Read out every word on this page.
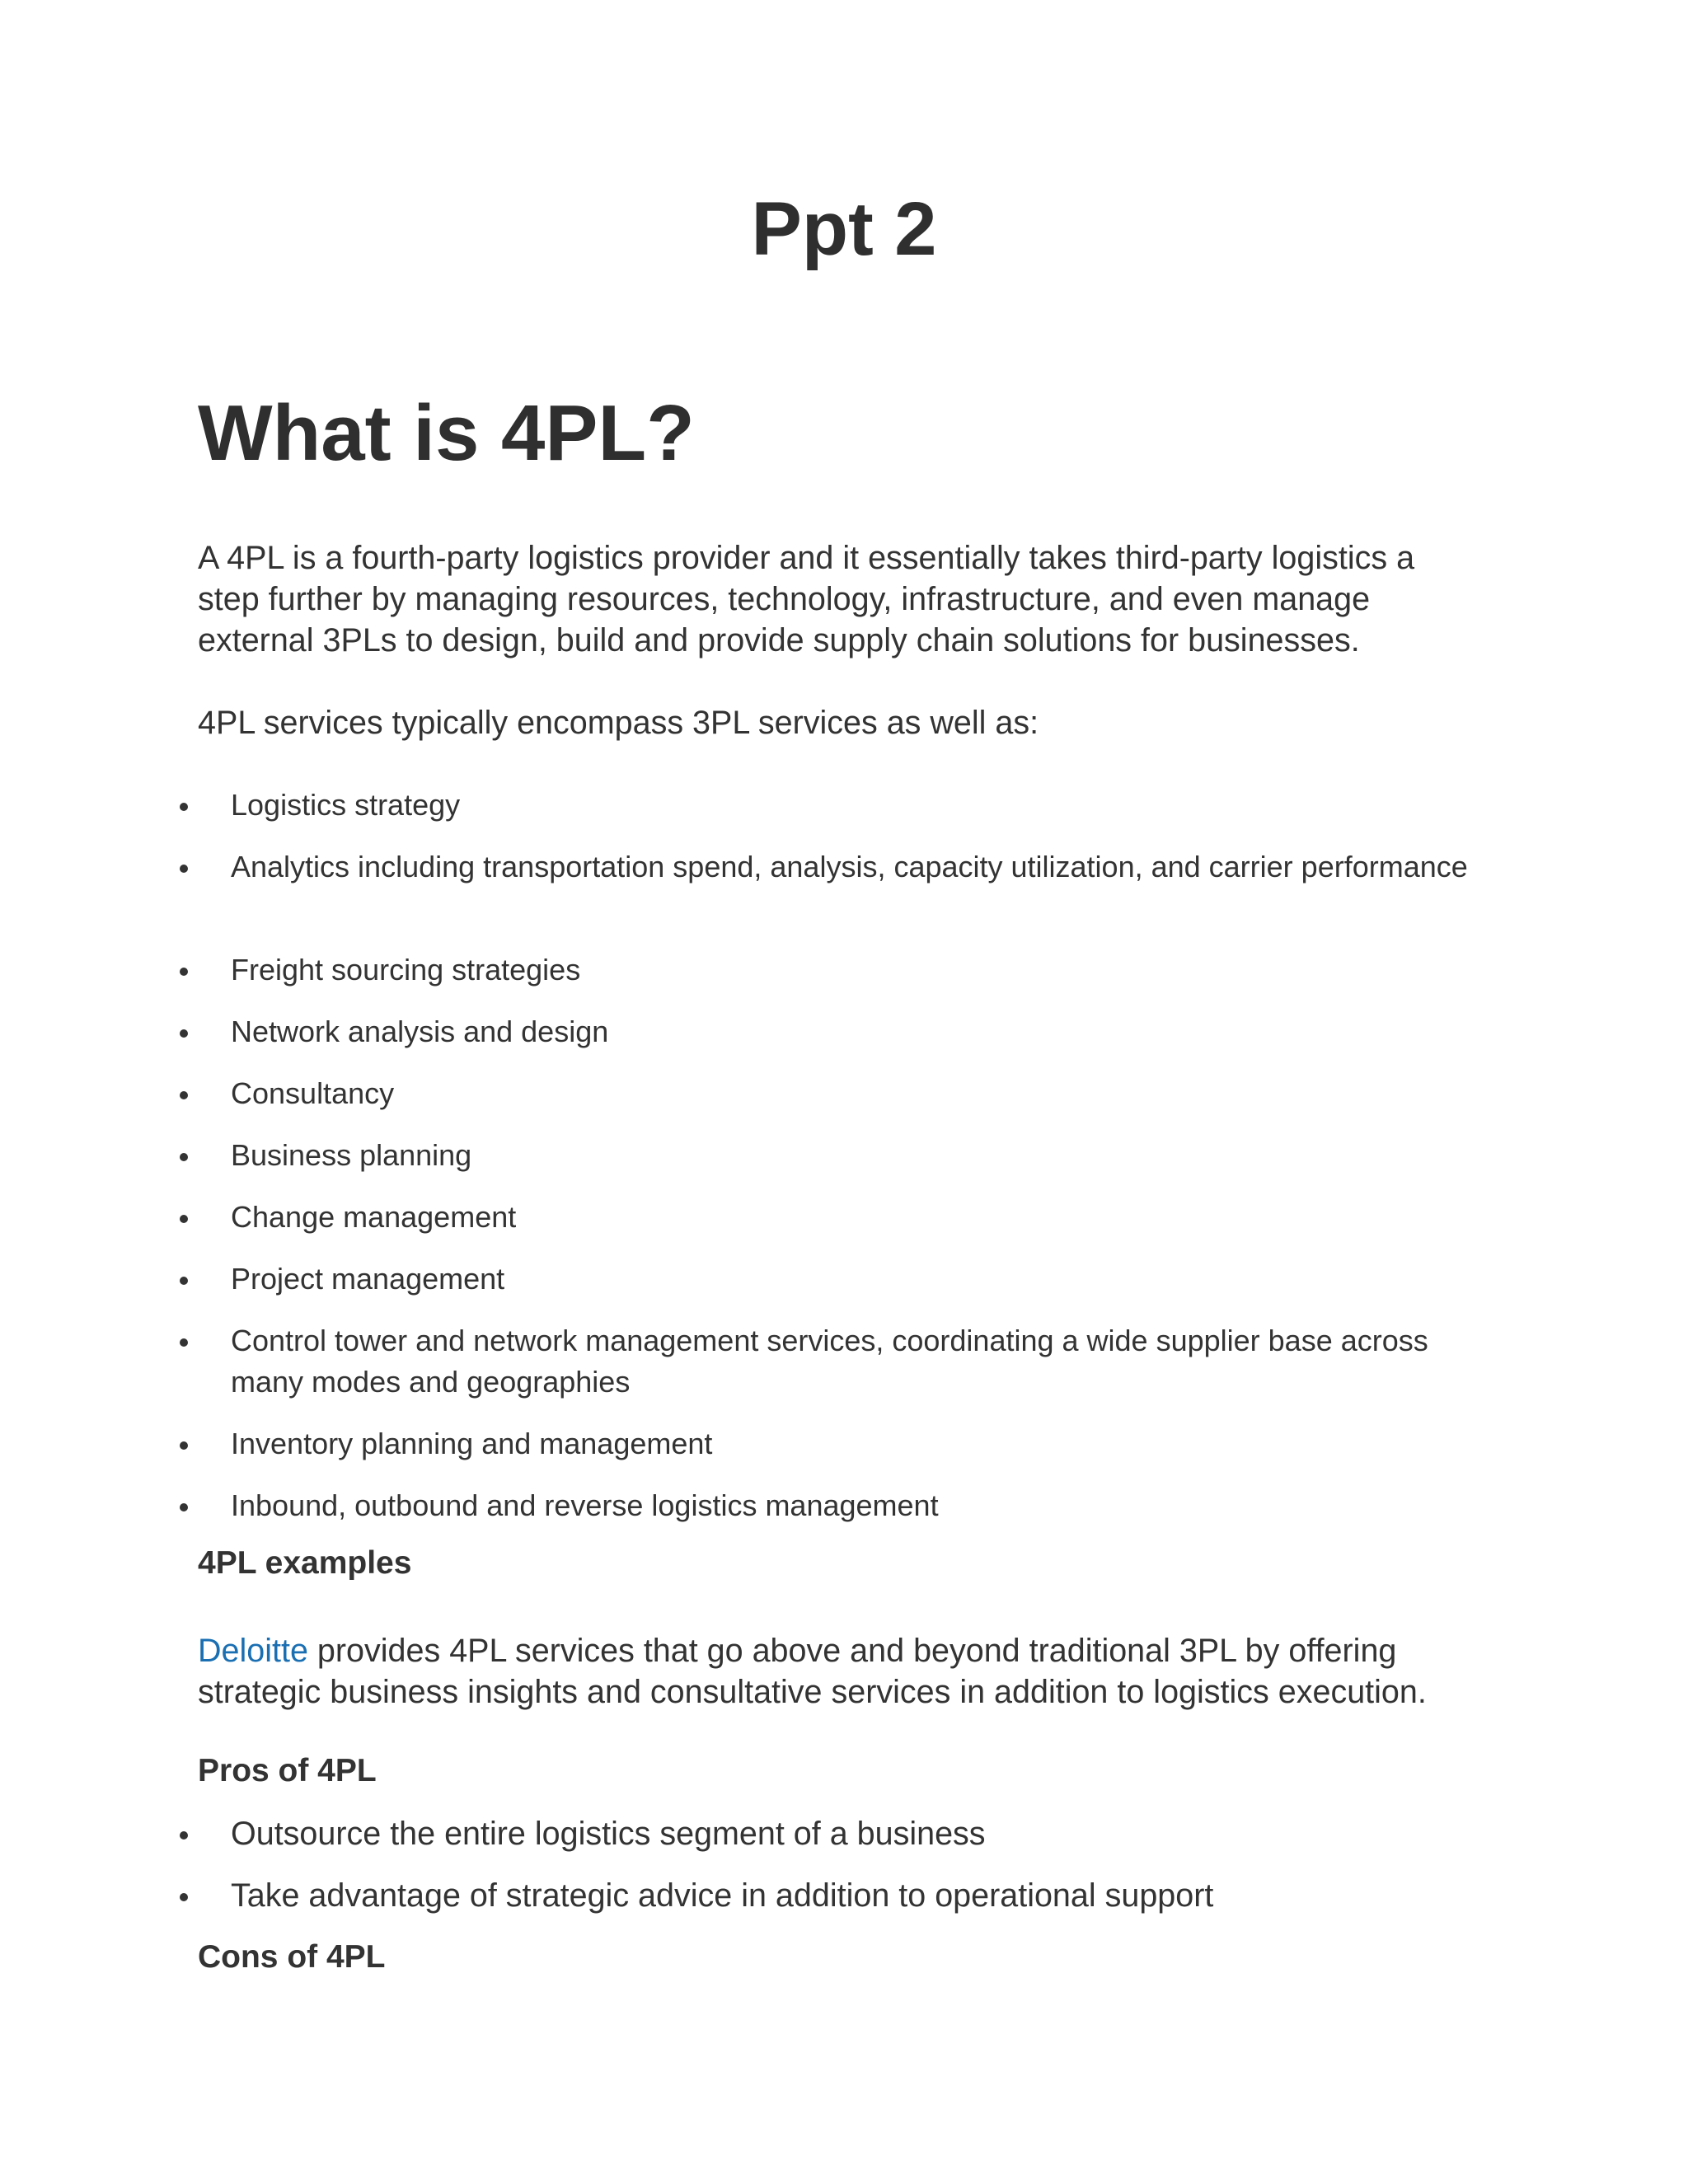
Ppt 2
What is 4PL?

A 4PL is a fourth-party logistics provider and it essentially takes third-party logistics a step further by managing resources, technology, infrastructure, and even manage external 3PLs to design, build and provide supply chain solutions for businesses.

4PL services typically encompass 3PL services as well as:

Logistics strategy
Analytics including transportation spend, analysis, capacity utilization, and carrier performance
Freight sourcing strategies
Network analysis and design
Consultancy
Business planning
Change management
Project management
Control tower and network management services, coordinating a wide supplier base across many modes and geographies
Inventory planning and management
Inbound, outbound and reverse logistics management
4PL examples

Deloitte provides 4PL services that go above and beyond traditional 3PL by offering strategic business insights and consultative services in addition to logistics execution.

Pros of 4PL
Outsource the entire logistics segment of a business
Take advantage of strategic advice in addition to operational support
Cons of 4PL
